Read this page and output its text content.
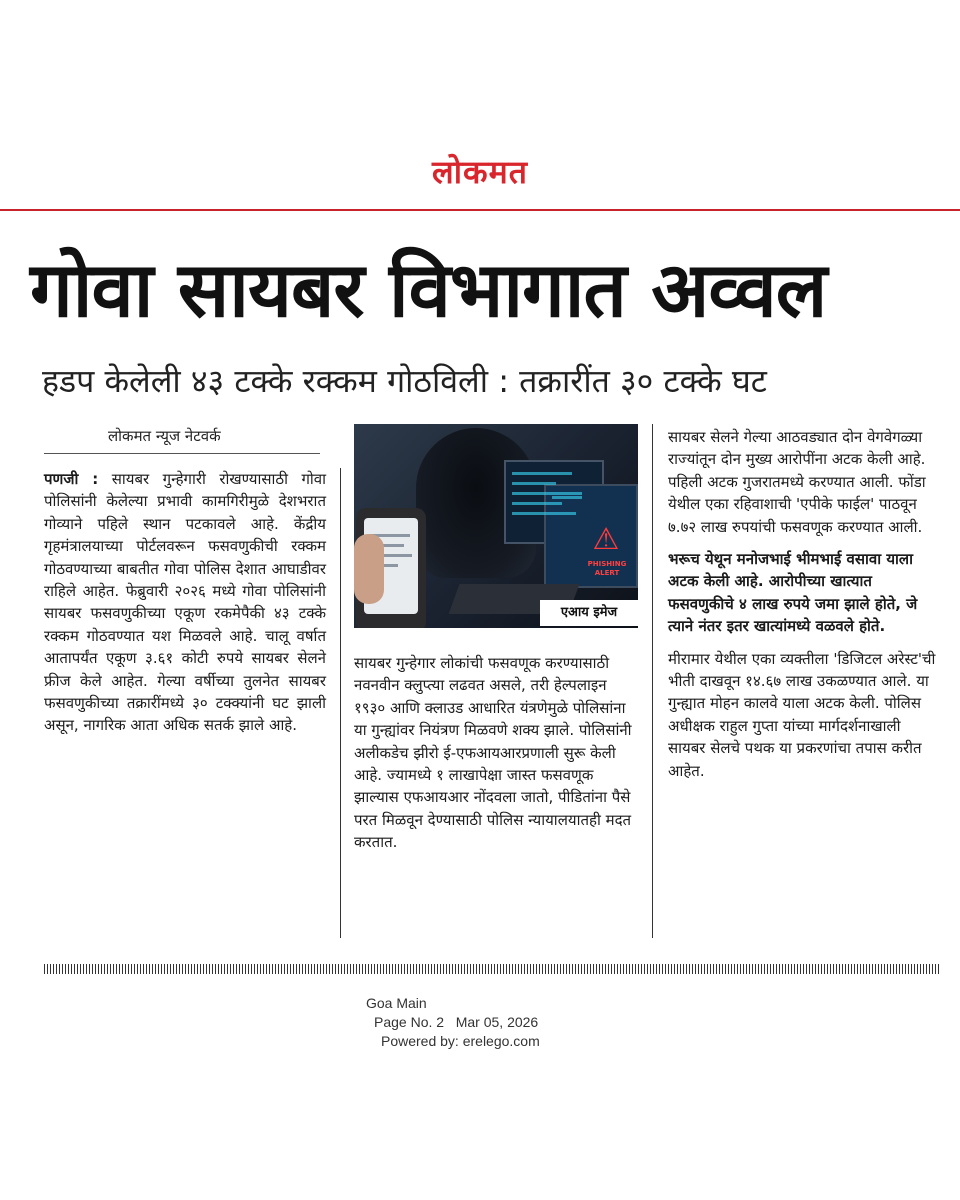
लोकमत
गोवा सायबर विभागात अव्वल
हडप केलेली ४३ टक्के रक्कम गोठविली : तक्रारींत ३० टक्के घट
लोकमत न्यूज नेटवर्क

पणजी : सायबर गुन्हेगारी रोखण्यासाठी गोवा पोलिसांनी केलेल्या प्रभावी कामगिरीमुळे देशभरात गोव्याने पहिले स्थान पटकावले आहे. केंद्रीय गृहमंत्रालयाच्या पोर्टलवरून फसवणुकीची रक्कम गोठवण्याच्या बाबतीत गोवा पोलिस देशात आघाडीवर राहिले आहेत. फेब्रुवारी २०२६ मध्ये गोवा पोलिसांनी सायबर फसवणुकीच्या एकूण रकमेपैकी ४३ टक्के रक्कम गोठवण्यात यश मिळवले आहे. चालू वर्षात आतापर्यंत एकूण ३.६१ कोटी रुपये सायबर सेलने फ्रीज केले आहेत. गेल्या वर्षीच्या तुलनेत सायबर फसवणुकीच्या तक्रारींमध्ये ३० टक्क्यांनी घट झाली असून, नागरिक आता अधिक सतर्क झाले आहे.

⚠
PHISHING ALERT
एआय इमेज

सायबर गुन्हेगार लोकांची फसवणूक करण्यासाठी नवनवीन क्लुप्त्या लढवत असले, तरी हेल्पलाइन १९३० आणि क्लाउड आधारित यंत्रणेमुळे पोलिसांना या गुन्ह्यांवर नियंत्रण मिळवणे शक्य झाले. पोलिसांनी अलीकडेच झीरो ई-एफआयआरप्रणाली सुरू केली आहे. ज्यामध्ये १ लाखापेक्षा जास्त फसवणूक झाल्यास एफआयआर नोंदवला जातो, पीडितांना पैसे परत मिळवून देण्यासाठी पोलिस न्यायालयातही मदत करतात.

सायबर सेलने गेल्या आठवड्यात दोन वेगवेगळ्या राज्यांतून दोन मुख्य आरोपींना अटक केली आहे. पहिली अटक गुजरातमध्ये करण्यात आली. फोंडा येथील एका रहिवाशाची 'एपीके फाईल' पाठवून ७.७२ लाख रुपयांची फसवणूक करण्यात आली.

भरूच येथून मनोजभाई भीमभाई वसावा याला अटक केली आहे. आरोपीच्या खात्यात फसवणुकीचे ४ लाख रुपये जमा झाले होते, जे त्याने नंतर इतर खात्यांमध्ये वळवले होते.

मीरामार येथील एका व्यक्तीला 'डिजिटल अरेस्ट'ची भीती दाखवून १४.६७ लाख उकळण्यात आले. या गुन्ह्यात मोहन कालवे याला अटक केली. पोलिस अधीक्षक राहुल गुप्ता यांच्या मार्गदर्शनाखाली सायबर सेलचे पथक या प्रकरणांचा तपास करीत आहेत.

Goa Main
Page No. 2   Mar 05, 2026
Powered by: erelego.com
